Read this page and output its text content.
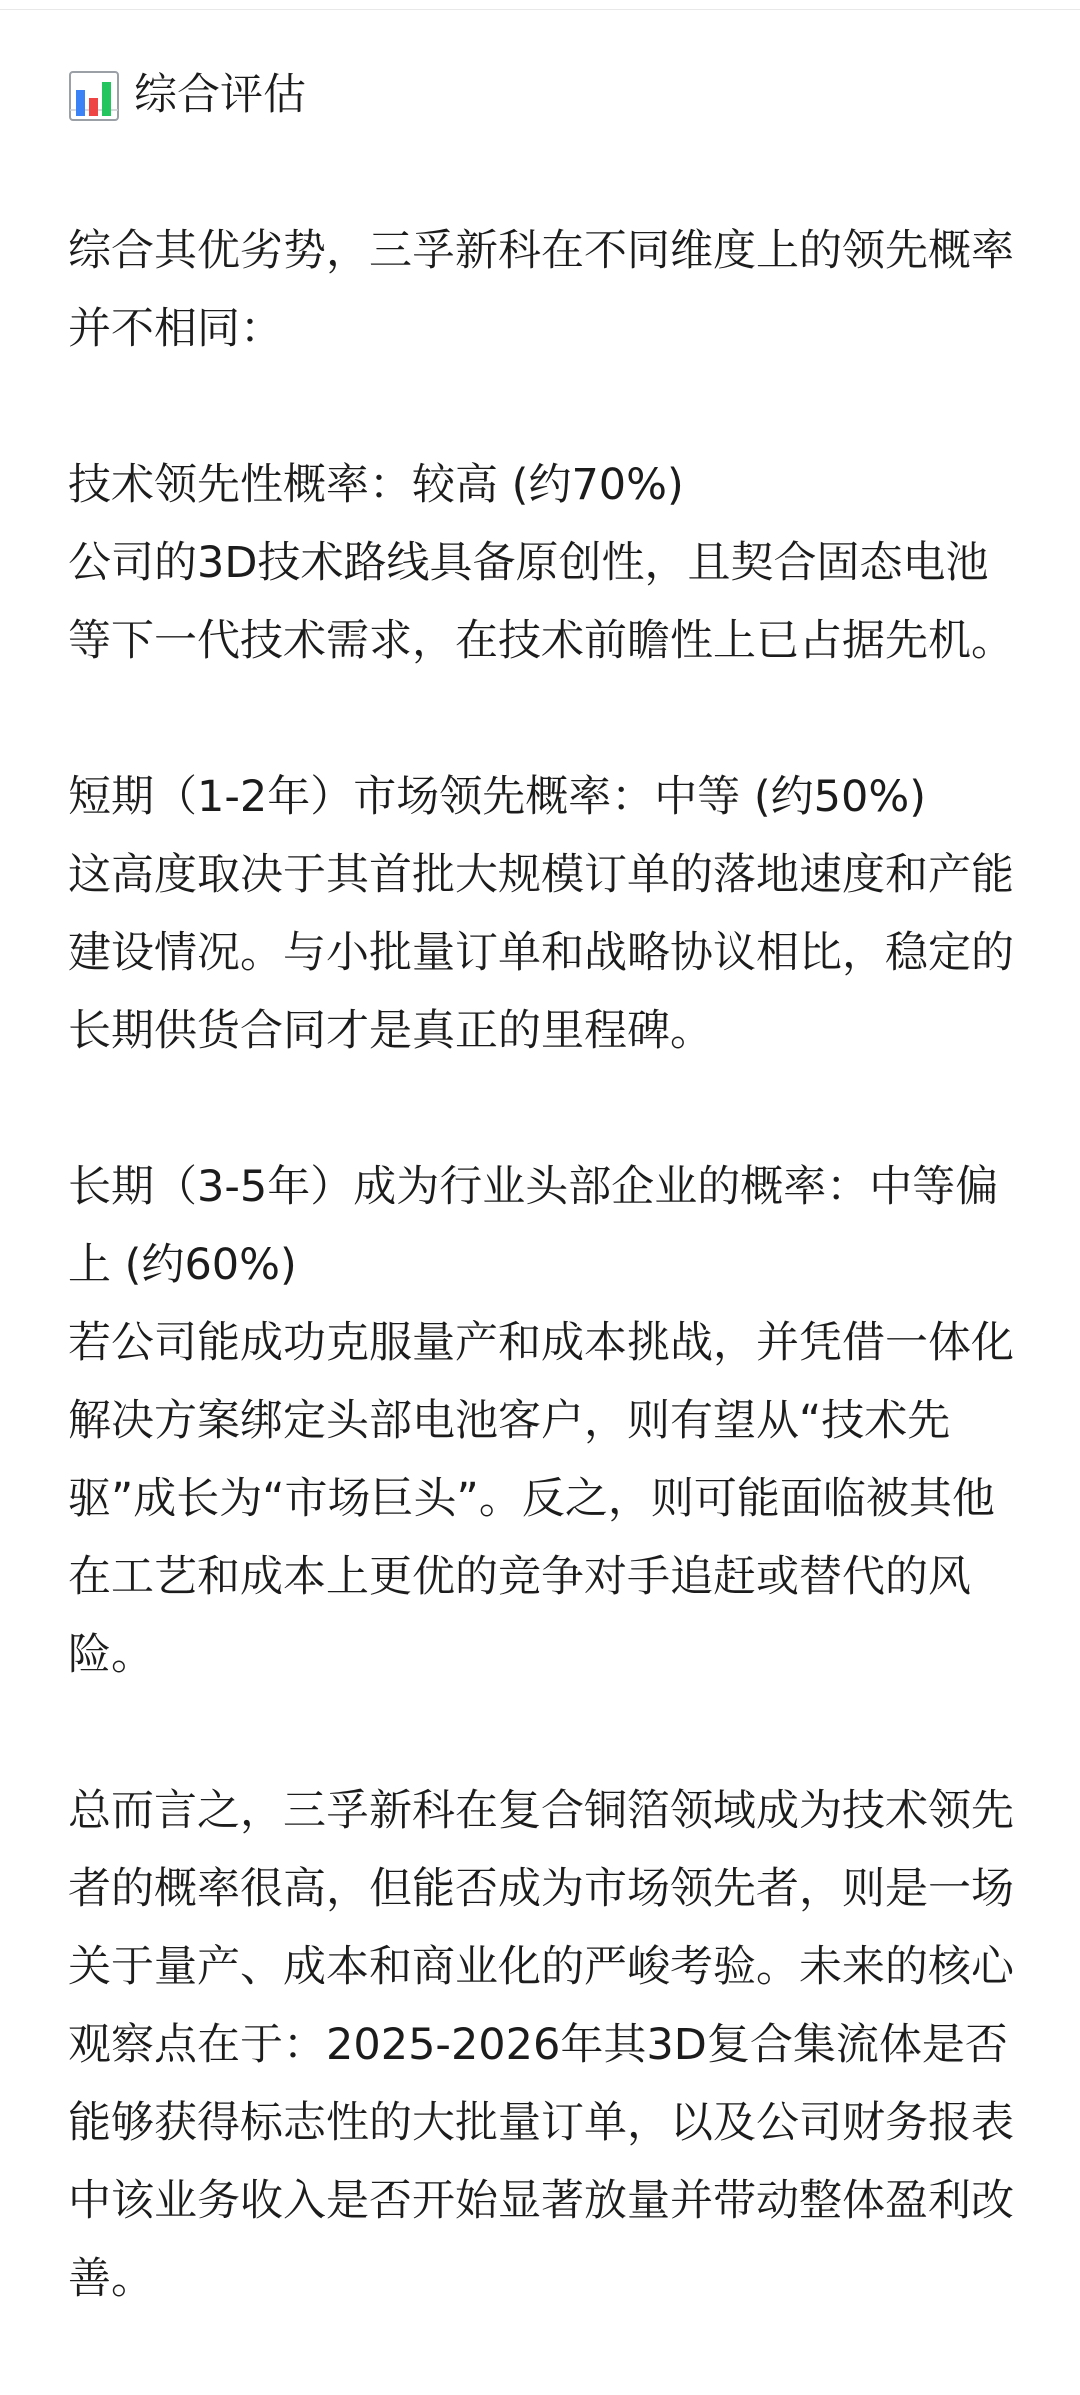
综合评估

综合其优劣势，三孚新科在不同维度上的领先概率并不相同：

技术领先性概率：较高 (约70%)

公司的3D技术路线具备原创性，且契合固态电池等下一代技术需求，在技术前瞻性上已占据先机。

短期（1-2年）市场领先概率：中等 (约50%)

这高度取决于其首批大规模订单的落地速度和产能建设情况。与小批量订单和战略协议相比，稳定的长期供货合同才是真正的里程碑。

长期（3-5年）成为行业头部企业的概率：中等偏上 (约60%)

若公司能成功克服量产和成本挑战，并凭借一体化解决方案绑定头部电池客户，则有望从“技术先驱”成长为“市场巨头”。反之，则可能面临被其他在工艺和成本上更优的竞争对手追赶或替代的风险。

总而言之，三孚新科在复合铜箔领域成为技术领先者的概率很高，但能否成为市场领先者，则是一场关于量产、成本和商业化的严峻考验。未来的核心观察点在于：2025-2026年其3D复合集流体是否能够获得标志性的大批量订单，以及公司财务报表中该业务收入是否开始显著放量并带动整体盈利改善。
